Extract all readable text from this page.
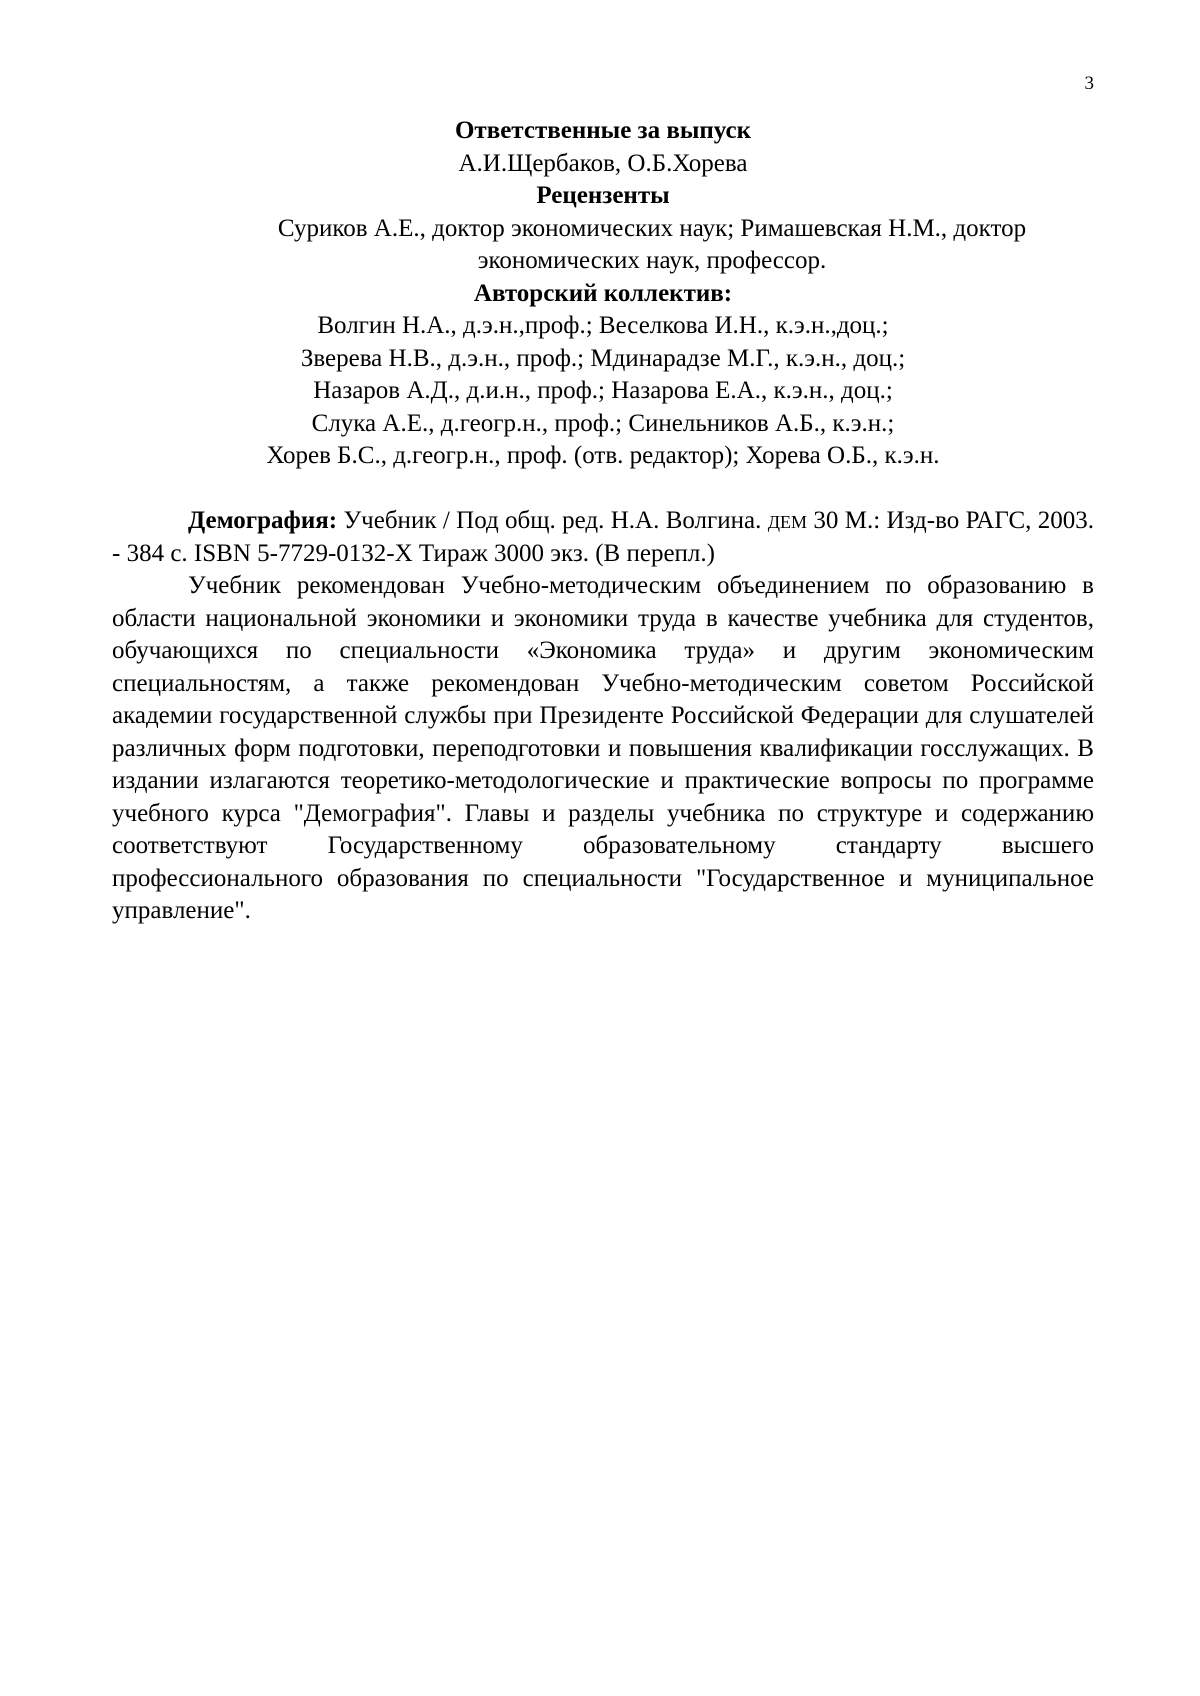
3
Ответственные за выпуск
А.И.Щербаков, О.Б.Хорева
Рецензенты
Суриков А.Е., доктор экономических наук; Римашевская Н.М., доктор
экономических наук, профессор.
Авторский коллектив:
Волгин Н.А., д.э.н.,проф.; Веселкова И.Н., к.э.н.,доц.;
Зверева Н.В., д.э.н., проф.; Мдинарадзе М.Г., к.э.н., доц.;
Назаров А.Д., д.и.н., проф.; Назарова Е.А., к.э.н., доц.;
Слука А.Е., д.геогр.н., проф.; Синельников А.Б., к.э.н.;
Хорев Б.С., д.геогр.н., проф. (отв. редактор); Хорева О.Б., к.э.н.

Демография: Учебник / Под общ. ред. Н.А. Волгина. дем 30 М.: Изд-во РАГС, 2003. - 384 с. ISBN 5-7729-0132-Х Тираж 3000 экз. (В перепл.)

Учебник рекомендован Учебно-методическим объединением по образованию в области национальной экономики и экономики труда в качестве учебника для студентов, обучающихся по специальности «Экономика труда» и другим экономическим специальностям, а также рекомендован Учебно-методическим советом Российской академии государственной службы при Президенте Российской Федерации для слушателей различных форм подготовки, переподготовки и повышения квалификации госслужащих. В издании излагаются теоретико-методологические и практические вопросы по программе учебного курса "Демография". Главы и разделы учебника по структуре и содержанию соответствуют Государственному образовательному стандарту высшего профессионального образования по специальности "Государственное и муниципальное управление".
